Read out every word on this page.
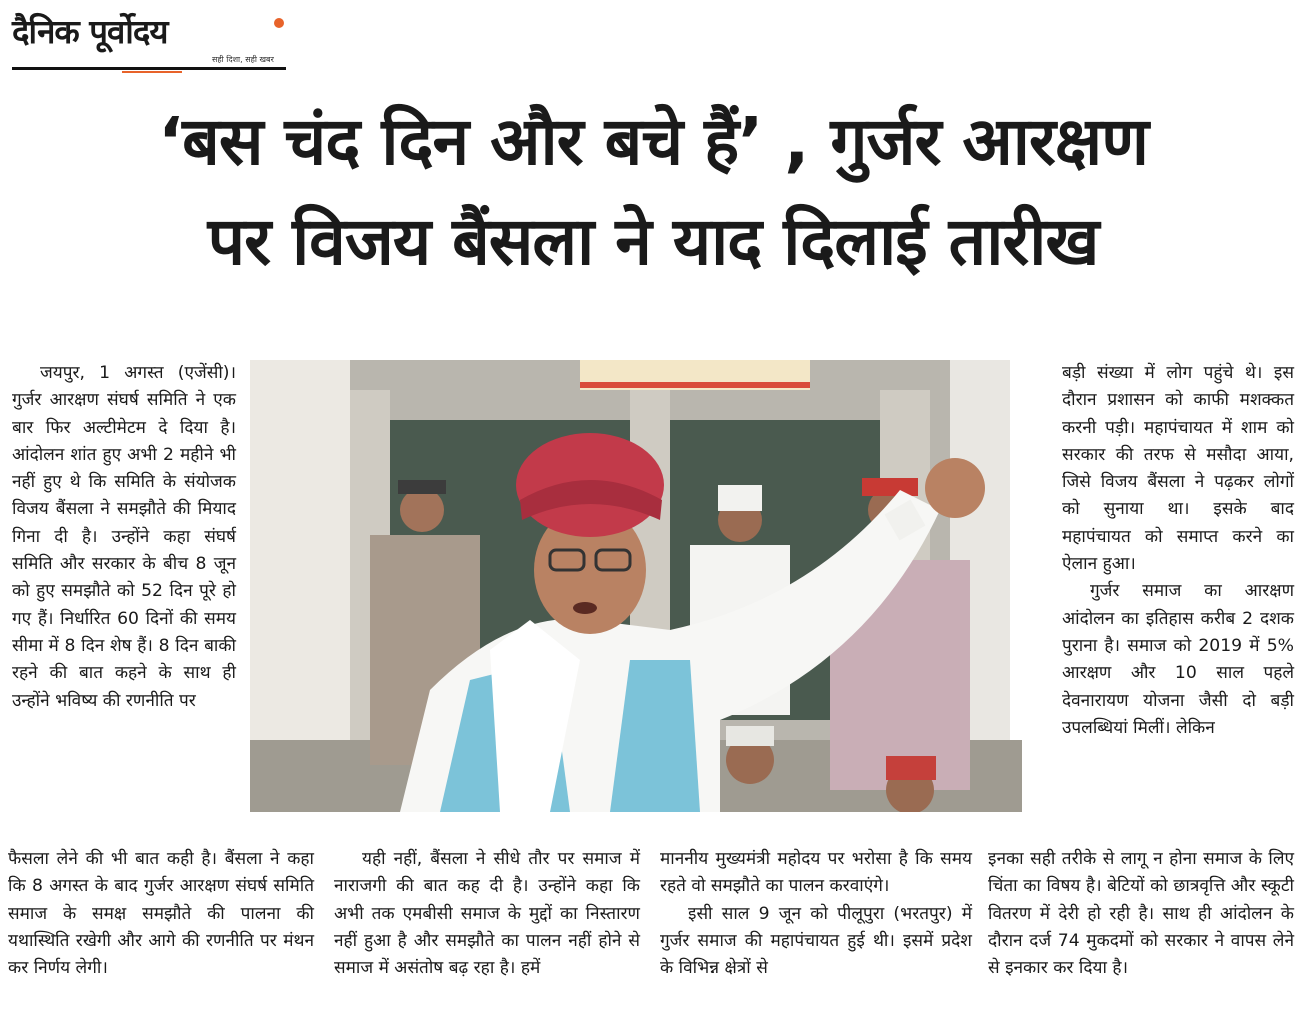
दैनिक पूर्वोदय
सही दिशा, सही खबर
‘बस चंद दिन और बचे हैं’ , गुर्जर आरक्षण
पर विजय बैंसला ने याद दिलाई तारीख

जयपुर, 1 अगस्त (एजेंसी)। गुर्जर आरक्षण संघर्ष समिति ने एक बार फिर अल्टीमेटम दे दिया है। आंदोलन शांत हुए अभी 2 महीने भी नहीं हुए थे कि समिति के संयोजक विजय बैंसला ने समझौते की मियाद गिना दी है। उन्होंने कहा संघर्ष समिति और सरकार के बीच 8 जून को हुए समझौते को 52 दिन पूरे हो गए हैं। निर्धारित 60 दिनों की समय सीमा में 8 दिन शेष हैं। 8 दिन बाकी रहने की बात कहने के साथ ही उन्होंने भविष्य की रणनीति पर

फैसला लेने की भी बात कही है। बैंसला ने कहा कि 8 अगस्त के बाद गुर्जर आरक्षण संघर्ष समिति समाज के समक्ष समझौते की पालना की यथास्थिति रखेगी और आगे की रणनीति पर मंथन कर निर्णय लेगी।

यही नहीं, बैंसला ने सीधे तौर पर समाज में नाराजगी की बात कह दी है। उन्होंने कहा कि अभी तक एमबीसी समाज के मुद्दों का निस्तारण नहीं हुआ है और समझौते का पालन नहीं होने से समाज में असंतोष बढ़ रहा है। हमें

माननीय मुख्यमंत्री महोदय पर भरोसा है कि समय रहते वो समझौते का पालन करवाएंगे।

इसी साल 9 जून को पीलूपुरा (भरतपुर) में गुर्जर समाज की महापंचायत हुई थी। इसमें प्रदेश के विभिन्न क्षेत्रों से

बड़ी संख्या में लोग पहुंचे थे। इस दौरान प्रशासन को काफी मशक्कत करनी पड़ी। महापंचायत में शाम को सरकार की तरफ से मसौदा आया, जिसे विजय बैंसला ने पढ़कर लोगों को सुनाया था। इसके बाद महापंचायत को समाप्त करने का ऐलान हुआ।

गुर्जर समाज का आरक्षण आंदोलन का इतिहास करीब 2 दशक पुराना है। समाज को 2019 में 5% आरक्षण और 10 साल पहले देवनारायण योजना जैसी दो बड़ी उपलब्धियां मिलीं। लेकिन

इनका सही तरीके से लागू न होना समाज के लिए चिंता का विषय है। बेटियों को छात्रवृत्ति और स्कूटी वितरण में देरी हो रही है। साथ ही आंदोलन के दौरान दर्ज 74 मुकदमों को सरकार ने वापस लेने से इनकार कर दिया है।
